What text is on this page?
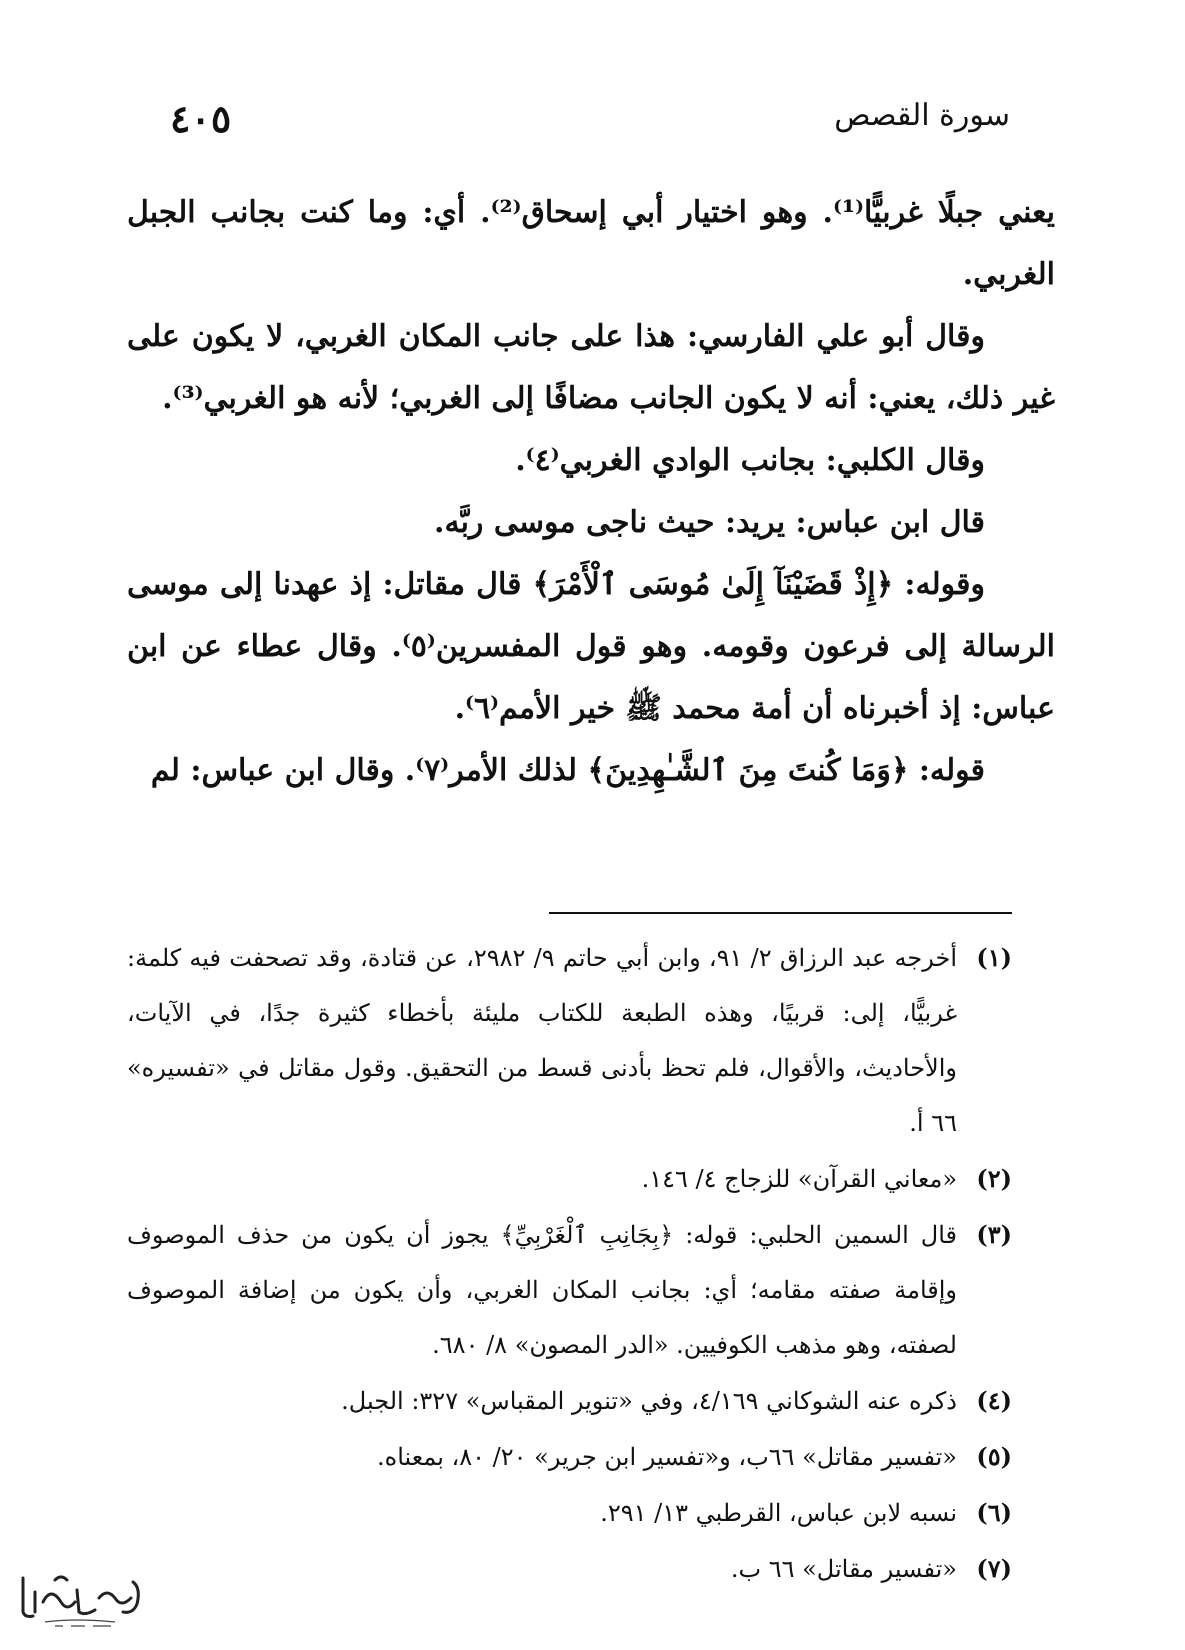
سورة القصص
٤٠٥

يعني جبلًا غربيًّا⁽¹⁾. وهو اختيار أبي إسحاق⁽²⁾. أي: وما كنت بجانب الجبل الغربي.

وقال أبو علي الفارسي: هذا على جانب المكان الغربي، لا يكون على غير ذلك، يعني: أنه لا يكون الجانب مضافًا إلى الغربي؛ لأنه هو الغربي⁽³⁾.

وقال الكلبي: بجانب الوادي الغربي⁽٤⁾.

قال ابن عباس: يريد: حيث ناجى موسى ربَّه.

وقوله: ﴿إِذْ قَضَيْنَآ إِلَىٰ مُوسَى ٱلْأَمْرَ﴾ قال مقاتل: إذ عهدنا إلى موسى الرسالة إلى فرعون وقومه. وهو قول المفسرين⁽٥⁾. وقال عطاء عن ابن عباس: إذ أخبرناه أن أمة محمد ﷺ خير الأمم⁽٦⁾.

قوله: ﴿وَمَا كُنتَ مِنَ ٱلشَّـٰهِدِينَ﴾ لذلك الأمر⁽٧⁾. وقال ابن عباس: لم

(١)أخرجه عبد الرزاق ٢/ ٩١، وابن أبي حاتم ٩/ ٢٩٨٢، عن قتادة، وقد تصحفت فيه كلمة: غربيًّا، إلى: قربيًا، وهذه الطبعة للكتاب مليئة بأخطاء كثيرة جدًا، في الآيات، والأحاديث، والأقوال، فلم تحظ بأدنى قسط من التحقيق. وقول مقاتل في «تفسيره» ٦٦ أ.

(٢)«معاني القرآن» للزجاج ٤/ ١٤٦.

(٣)قال السمين الحلبي: قوله: ﴿بِجَانِبِ ٱلْغَرْبِيِّ﴾ يجوز أن يكون من حذف الموصوف وإقامة صفته مقامه؛ أي: بجانب المكان الغربي، وأن يكون من إضافة الموصوف لصفته، وهو مذهب الكوفيين. «الدر المصون» ٨/ ٦٨٠.

(٤)ذكره عنه الشوكاني ٤/١٦٩، وفي «تنوير المقباس» ٣٢٧: الجبل.

(٥)«تفسير مقاتل» ٦٦ب، و«تفسير ابن جرير» ٢٠/ ٨٠، بمعناه.

(٦)نسبه لابن عباس، القرطبي ١٣/ ٢٩١.

(٧)«تفسير مقاتل» ٦٦ ب.
